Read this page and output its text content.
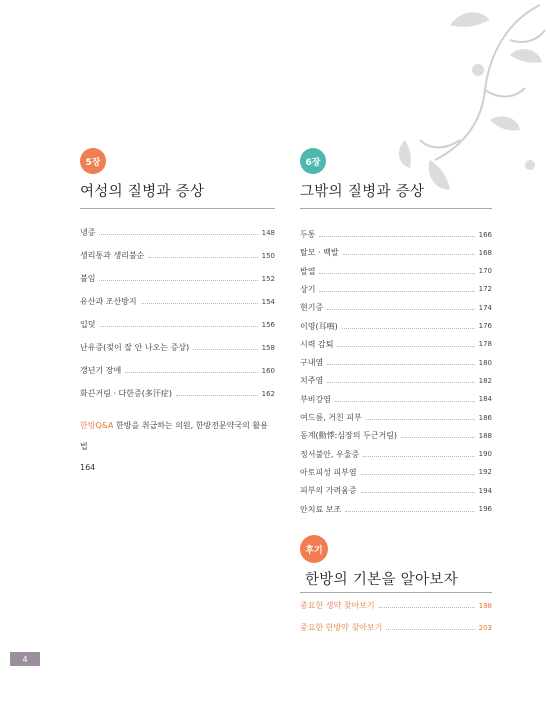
5장
여성의 질병과 증상
냉증	148
생리통과 생리불순	150
불임	152
유산과 조산방지	154
입덧	156
난유증(젖이 잘 안 나오는 증상)	158
갱년기 장애	160
화끈거림 · 다한증(多汗症)	162
한방Q&A 한방을 취급하는 의원, 한방전문약국의 활용법
164
6장
그밖의 질병과 증상
두통	166
탈모 · 백발	168
발열	170
상기	172
현기증	174
이명(耳鳴)	176
시력 감퇴	178
구내염	180
치주염	182
부비강염	184
여드름, 거친 피부	186
동계(動悸:심장의 두근거림)	188
정서불안, 우울증	190
아토피성 피부염	192
피부의 가려움증	194
안치료 보조	196
후기
한방의 기본을 알아보자
중요한 생약 찾아보기	198
중요한 한방약 찾아보기	203
4
